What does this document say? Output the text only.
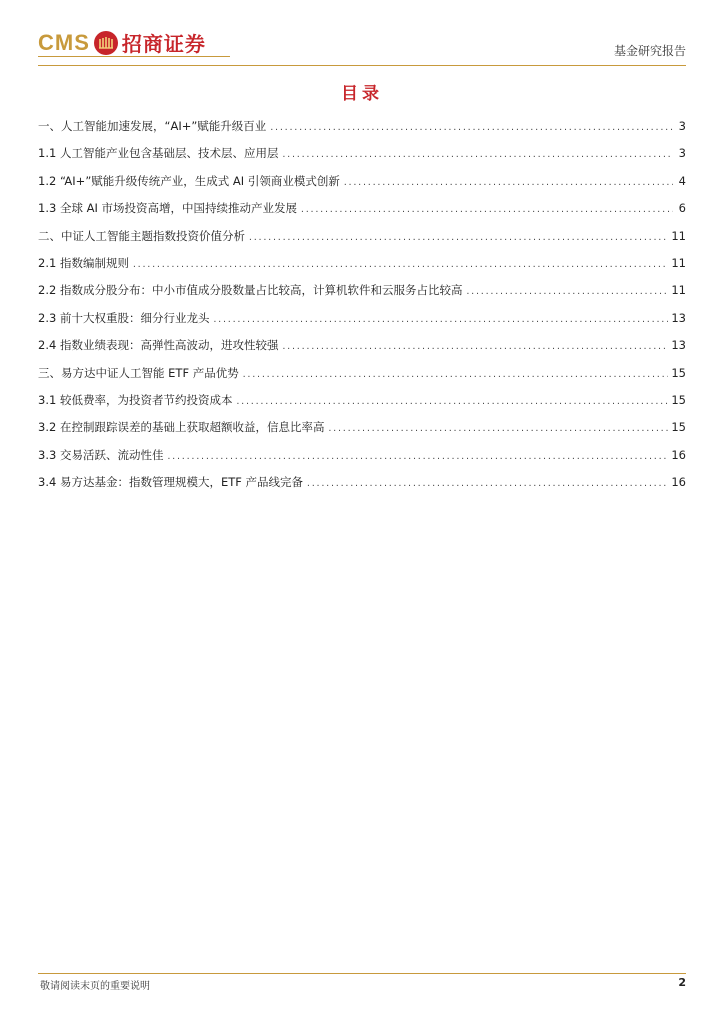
CMS 招商证券	基金研究报告
目录
一、人工智能加速发展，“AI+”赋能升级百业 .....	3
1.1 人工智能产业包含基础层、技术层、应用层 .....	3
1.2 “AI+”赋能升级传统产业，生成式 AI 引领商业模式创新 .....	4
1.3 全球 AI 市场投资高增，中国持续推动产业发展 .....	6
二、中证人工智能主题指数投资价值分析 .....	11
2.1 指数编制规则 .....	11
2.2 指数成分股分布：中小市值成分股数量占比较高，计算机软件和云服务占比较高 .....	11
2.3 前十大权重股：细分行业龙头 .....	13
2.4 指数业绩表现：高弹性高波动，进攻性较强 .....	13
三、易方达中证人工智能 ETF 产品优势 .....	15
3.1 较低费率，为投资者节约投资成本 .....	15
3.2 在控制跟踪误差的基础上获取超额收益，信息比率高 .....	15
3.3 交易活跃、流动性佳 .....	16
3.4 易方达基金：指数管理规模大，ETF 产品线完备 .....	16
敬请阅读末页的重要说明	2
